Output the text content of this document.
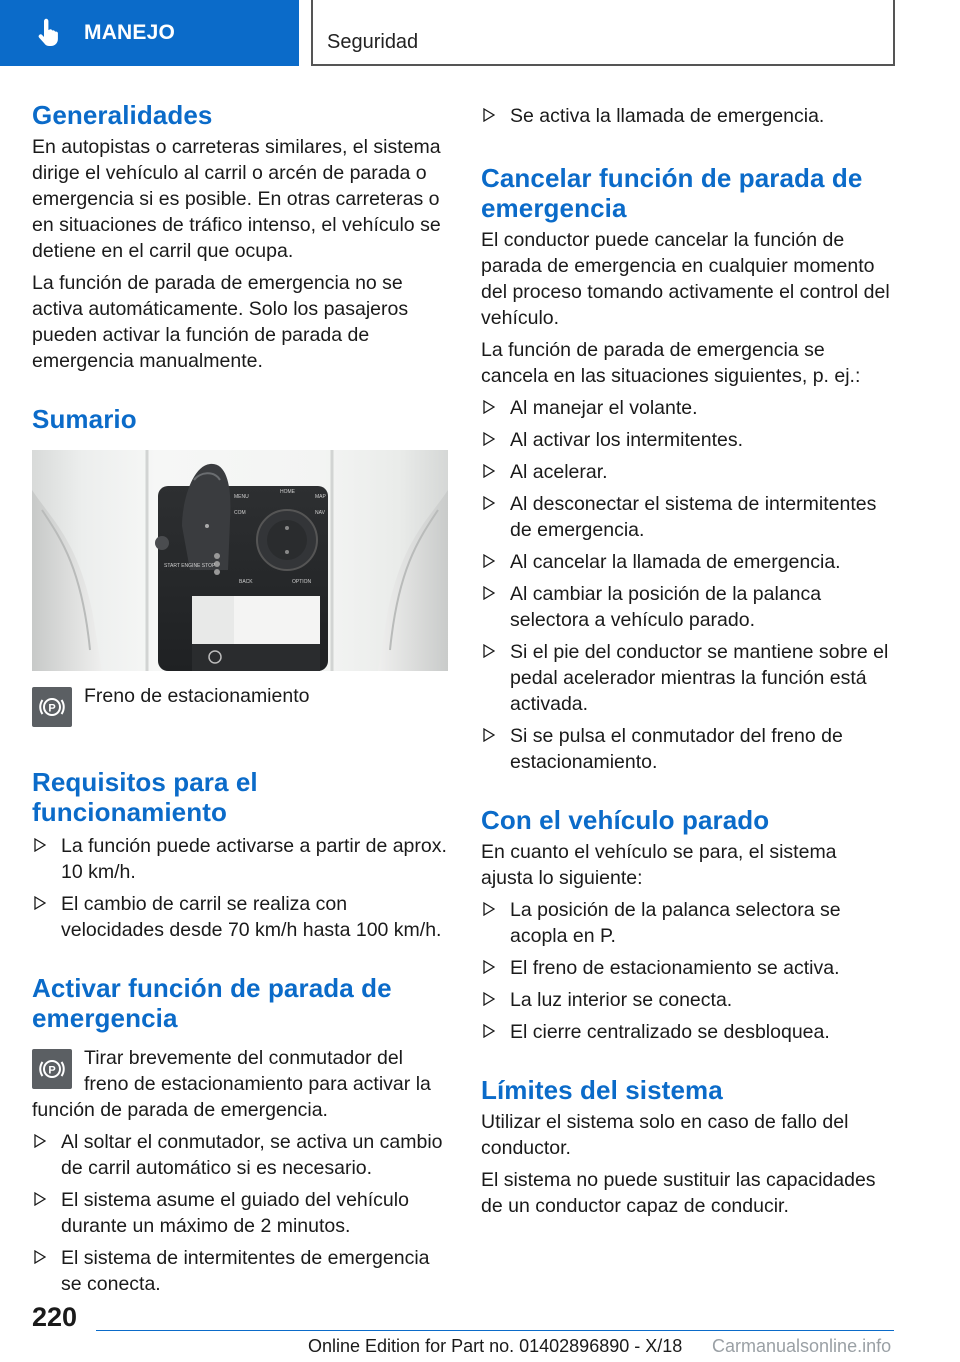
MANEJO	Seguridad
Generalidades

En autopistas o carreteras similares, el sistema dirige el vehículo al carril o arcén de parada o emergencia si es posible. En otras carreteras o en situaciones de tráfico intenso, el vehículo se detiene en el carril que ocupa.

La función de parada de emergencia no se activa automáticamente. Solo los pasajeros pueden activar la función de parada de emergencia manualmente.

Sumario
START ENGINE STOP
MENU
HOME
MAP
COM	NAV
BACK	OPTION
P
Freno de estacionamiento
Requisitos para el funcionamiento
La función puede activarse a partir de aprox. 10 km/h.
El cambio de carril se realiza con velocidades desde 70 km/h hasta 100 km/h.
Activar función de parada de emergencia
P
Tirar brevemente del conmutador del freno de estacionamiento para activar la función de parada de emergencia.
Al soltar el conmutador, se activa un cambio de carril automático si es necesario.
El sistema asume el guiado del vehículo durante un máximo de 2 minutos.
El sistema de intermitentes de emergencia se conecta.
Se activa la llamada de emergencia.
Cancelar función de parada de emergencia

El conductor puede cancelar la función de parada de emergencia en cualquier momento del proceso tomando activamente el control del vehículo.

La función de parada de emergencia se cancela en las situaciones siguientes, p. ej.:

Al manejar el volante.
Al activar los intermitentes.
Al acelerar.
Al desconectar el sistema de intermitentes de emergencia.
Al cancelar la llamada de emergencia.
Al cambiar la posición de la palanca selectora a vehículo parado.
Si el pie del conductor se mantiene sobre el pedal acelerador mientras la función está activada.
Si se pulsa el conmutador del freno de estacionamiento.
Con el vehículo parado

En cuanto el vehículo se para, el sistema ajusta lo siguiente:

La posición de la palanca selectora se acopla en P.
El freno de estacionamiento se activa.
La luz interior se conecta.
El cierre centralizado se desbloquea.
Límites del sistema

Utilizar el sistema solo en caso de fallo del conductor.

El sistema no puede sustituir las capacidades de un conductor capaz de conducir.

220
Online Edition for Part no. 01402896890 - X/18 Carmanualsonline.info
